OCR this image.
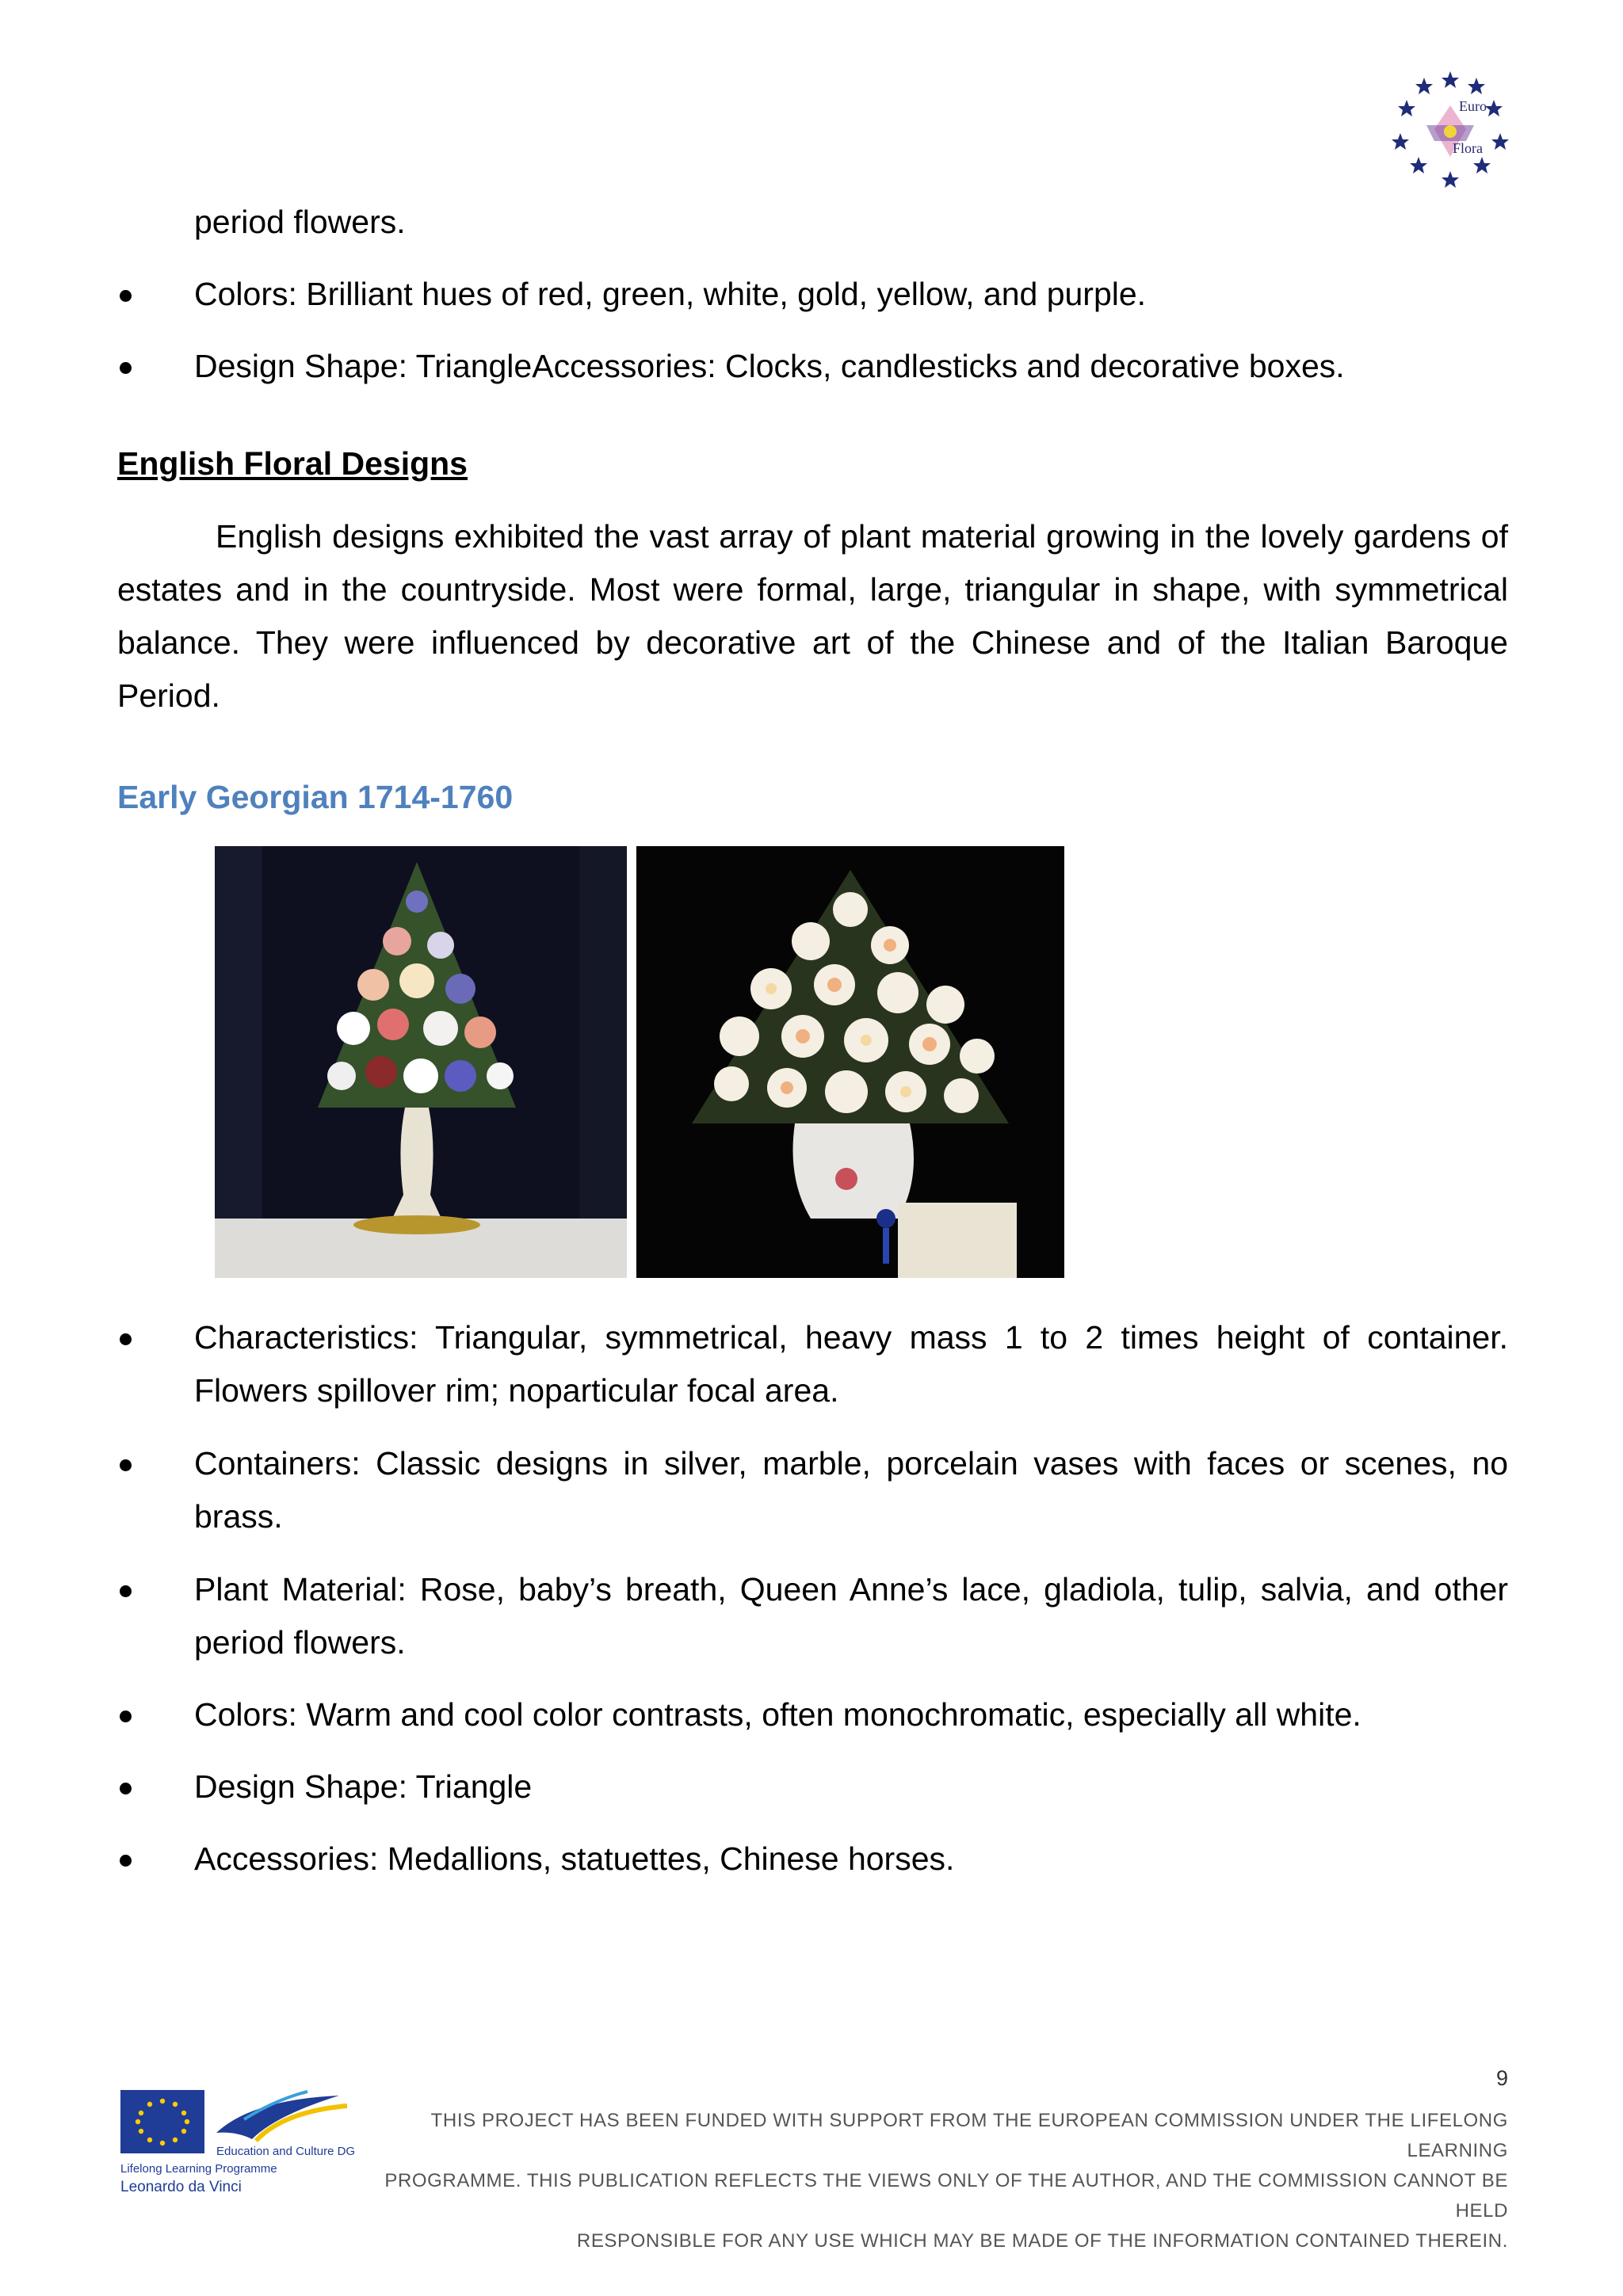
Euro
Flora
period flowers.
Colors: Brilliant hues of red, green, white, gold, yellow, and purple.
Design Shape: TriangleAccessories: Clocks, candlesticks and decorative boxes.
English Floral Designs
English designs exhibited the vast array of plant material growing in the lovely gardens of estates and in the countryside. Most were formal, large, triangular in shape, with symmetrical balance. They were influenced by decorative art of the Chinese and of the Italian Baroque Period.
Early Georgian 1714-1760
Characteristics: Triangular, symmetrical, heavy mass 1 to 2 times height of container. Flowers spillover rim; noparticular focal area.
Containers: Classic designs in silver, marble, porcelain vases with faces or scenes, no brass.
Plant Material: Rose, baby’s breath, Queen Anne’s lace, gladiola, tulip, salvia, and other period flowers.
Colors: Warm and cool color contrasts, often monochromatic, especially all white.
Design Shape: Triangle
Accessories: Medallions, statuettes, Chinese horses.
9
Education and Culture DG
Lifelong Learning Programme
Leonardo da Vinci
THIS PROJECT HAS BEEN FUNDED WITH SUPPORT FROM THE EUROPEAN COMMISSION UNDER THE LIFELONG LEARNING
PROGRAMME. THIS PUBLICATION REFLECTS THE VIEWS ONLY OF THE AUTHOR, AND THE COMMISSION CANNOT BE HELD
RESPONSIBLE FOR ANY USE WHICH MAY BE MADE OF THE INFORMATION CONTAINED THEREIN.
